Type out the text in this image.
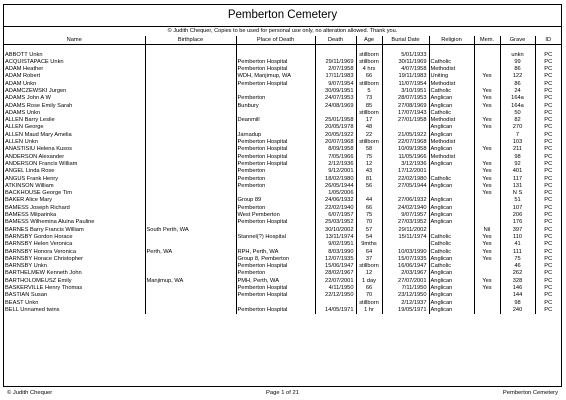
Pemberton Cemetery
© Judith Chequer, Copies to be used for personal use only, no alteration allowed. Thank you.
Name	Birthplace	Place of Death	Death	Age	Burial Date	Religion	Mem.	Grave	ID

ABBOTT Unkn				stillborn	5/01/1933			unkn	PC
ACQUISTAPACE Unkn		Pemberton Hospital	29/11/1969	stillborn	30/11/1969	Catholic		99	PC
ADAM Heather		Pemberton Hospital	2/07/1958	4 hrs	4/07/1958	Methodist		86	PC
ADAM Robert		WDH, Manjimup, WA	17/11/1983	66	19/11/1983	Uniting	Yes	122	PC
ADAM Unkn		Pemberton Hospital	9/07/1954	stillborn	11/07/1954	Methodist		86	PC
ADAMCZEWSKI Jurgen			30/09/1951	5	3/10/1951	Catholic	Yes	24	PC
ADAMS John A W		Pemberton	24/07/1953	73	28/07/1953	Anglican	Yes	164a	PC
ADAMS Rose Emily Sarah		Bunbury	24/08/1969	85	27/08/1969	Anglican	Yes	164a	PC
ADAMS Unkn				stillborn	17/07/1943	Catholic		50	PC
ALLEN Barry Leslie		Deanmill	25/01/1958	17	27/01/1958	Methodist	Yes	82	PC
ALLEN George			20/05/1978	48		Anglican	Yes	270	PC
ALLEN Maud Mary Amelia		Jarnadup	20/05/1922	22	21/05/1922	Anglican		7	PC
ALLEN Unkn		Pemberton Hospital	20/07/1968	stillborn	22/07/1968	Methodist		103	PC
ANASTISIU Helena Kusos		Pemberton Hospital	8/09/1958	58	10/09/1958	Anglican	Yes	211	PC
ANDERSON Alexander		Pemberton Hospital	7/05/1966	75	11/05/1966	Methodist		98	PC
ANDERSON Francis William		Pemberton Hospital	2/12/1936	12	3/12/1936	Anglican	Yes	92	PC
ANGEL Linda Rose		Pemberton	9/12/2001	43	17/12/2001		Yes	401	PC
ANGUS Frank Henry		Pemberton	18/02/1980	81	22/02/1980	Catholic	Yes	117	PC
ATKINSON William		Pemberton	26/05/1944	56	27/05/1944	Anglican	Yes	131	PC
BACKHOUSE George Tim			1/05/2006				Yes	N S	PC
BAKER Alice Mary		Group 89	24/06/1932	44	27/06/1932	Anglican		51	PC
BAMESS Joseph Richard		Pemberton	22/02/1940	66	24/02/1940	Anglican		107	PC
BAMESS Milparinka		West Pemberton	6/07/1957	75	9/07/1957	Anglican		206	PC
BAMESS Wilhemina Aluina Pauline		Pemberton Hospital	25/03/1952	70	27/03/1952	Anglican		176	PC
BARNES Barry Francis William	South Perth, WA		30/10/2002	57	29/11/2002		Nil	397	PC
BARNSBY Gordon Horace		Stannel(?) Hospital	13/11/1974	54	15/11/1974	Catholic	Yes	110	PC
BARNSBY Helen Veronica			9/02/1951	9mths		Catholic	Yes	41	PC
BARNSBY Honora Veronica	Perth, WA	RPH, Perth, WA	8/03/1990	64	10/03/1990	Catholic	Yes	111	PC
BARNSBY Horace Christopher		Group 8, Pemberton	12/07/1935	37	15/07/1935	Anglican	Yes	75	PC
BARNSBY Unkn		Pemberton Hospital	15/06/1947	stillborn	16/06/1947	Catholic		46	PC
BARTHELMEW Kenneth John		Pemberton	28/02/1967	12	2/03/1967	Anglican		262	PC
BARTHOLOMEUSZ Emily	Manjimup, WA	PMH, Perth, WA	22/07/2001	1 day	27/07/2001	Anglican	Yes	328	PC
BASKERVILLE Henry Thomas		Pemberton Hospital	4/11/1950	66	7/11/1950	Anglican	Yes	146	PC
BASTIAN Susan		Pemberton Hospital	22/12/1950	70	23/12/1950	Anglican		144	PC
BEAST Unkn				stillborn	2/12/1937	Anglican		98	PC
BELL Unnamed twins		Pemberton Hospital	14/05/1971	1 hr	19/05/1971	Anglican		240	PC
© Judith Chequer	Page 1 of 21	Pemberton Cemetery
